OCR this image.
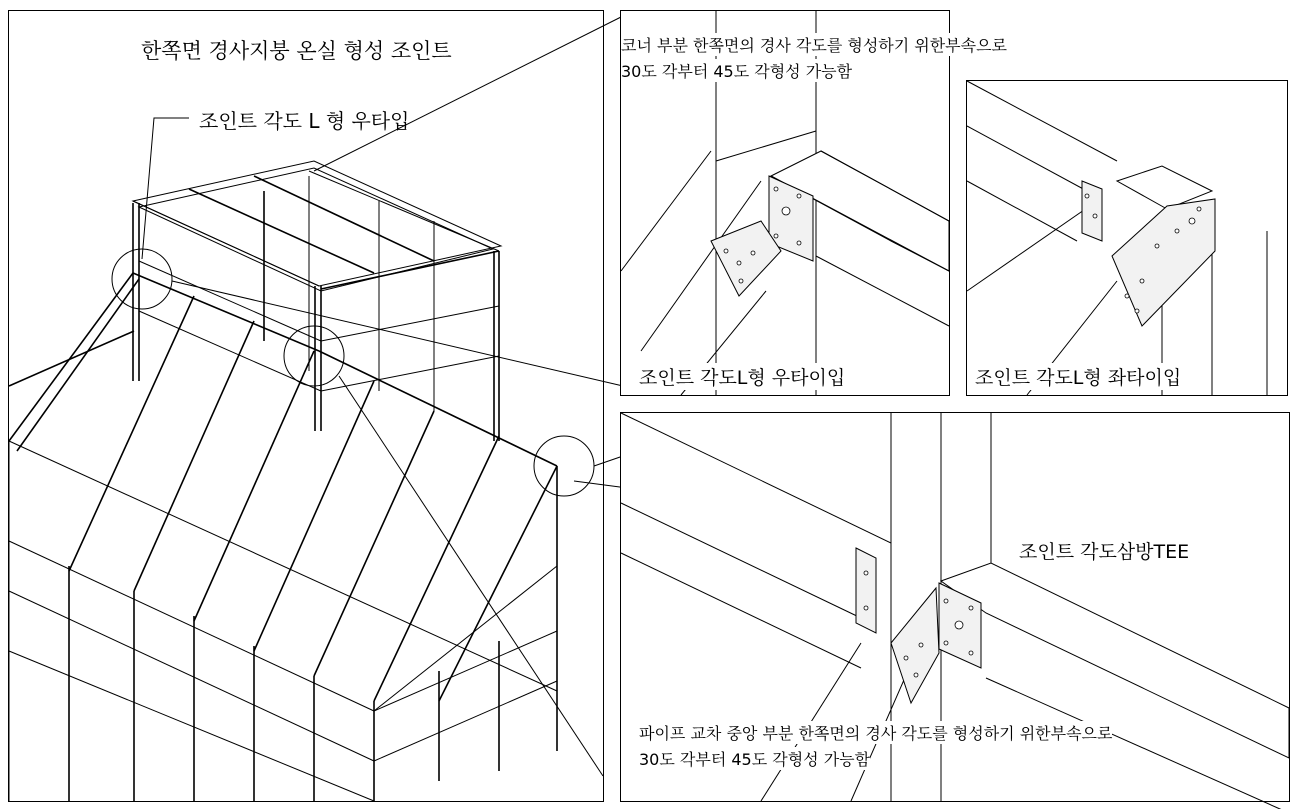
한쪽면 경사지붕 온실 형성 조인트
조인트 각도 L 형 우타입
코너 부분 한쪽면의 경사 각도를 형성하기 위한부속으로
30도 각부터 45도 각형성 가능함
조인트 각도L형 우타이입	조인트 각도L형 좌타이입
조인트 각도삼방TEE
파이프 교차 중앙 부분 한쪽면의 경사 각도를 형성하기 위한부속으로
30도 각부터 45도 각형성 가능함
